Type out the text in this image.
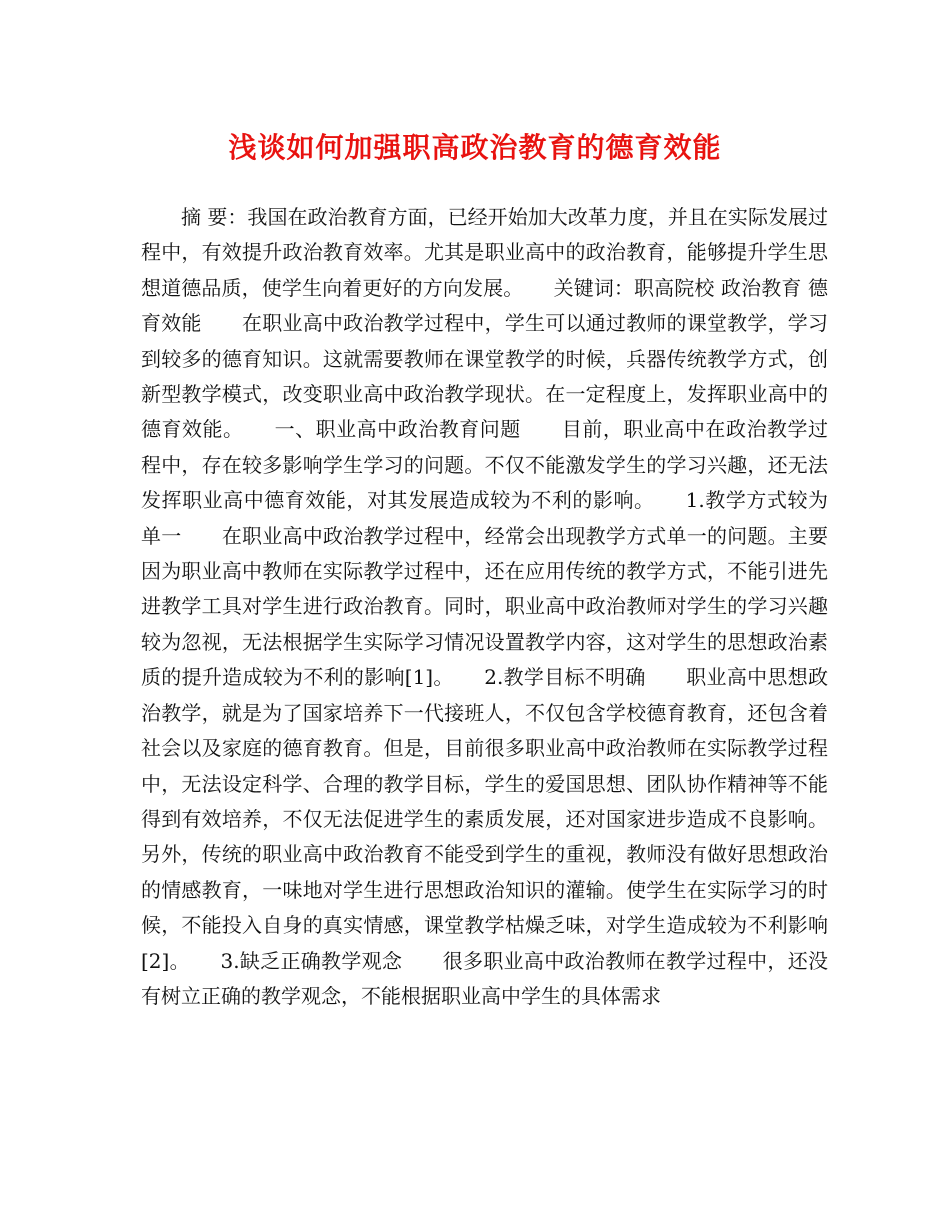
浅谈如何加强职高政治教育的德育效能

摘 要：我国在政治教育方面，已经开始加大改革力度，并且在实际发展过程中，有效提升政治教育效率。尤其是职业高中的政治教育，能够提升学生思想道德品质，使学生向着更好的方向发展。　　关键词：职高院校 政治教育 德育效能　　在职业高中政治教学过程中，学生可以通过教师的课堂教学，学习到较多的德育知识。这就需要教师在课堂教学的时候，兵器传统教学方式，创新型教学模式，改变职业高中政治教学现状。在一定程度上，发挥职业高中的德育效能。　　一、职业高中政治教育问题　　目前，职业高中在政治教学过程中，存在较多影响学生学习的问题。不仅不能激发学生的学习兴趣，还无法发挥职业高中德育效能，对其发展造成较为不利的影响。　　1.教学方式较为单一　　在职业高中政治教学过程中，经常会出现教学方式单一的问题。主要因为职业高中教师在实际教学过程中，还在应用传统的教学方式，不能引进先进教学工具对学生进行政治教育。同时，职业高中政治教师对学生的学习兴趣较为忽视，无法根据学生实际学习情况设置教学内容，这对学生的思想政治素质的提升造成较为不利的影响[1]。　　2.教学目标不明确　　职业高中思想政治教学，就是为了国家培养下一代接班人，不仅包含学校德育教育，还包含着社会以及家庭的德育教育。但是，目前很多职业高中政治教师在实际教学过程中，无法设定科学、合理的教学目标，学生的爱国思想、团队协作精神等不能得到有效培养，不仅无法促进学生的素质发展，还对国家进步造成不良影响。另外，传统的职业高中政治教育不能受到学生的重视，教师没有做好思想政治的情感教育，一味地对学生进行思想政治知识的灌输。使学生在实际学习的时候，不能投入自身的真实情感，课堂教学枯燥乏味，对学生造成较为不利影响[2]。　　3.缺乏正确教学观念　　很多职业高中政治教师在教学过程中，还没有树立正确的教学观念，不能根据职业高中学生的具体需求
